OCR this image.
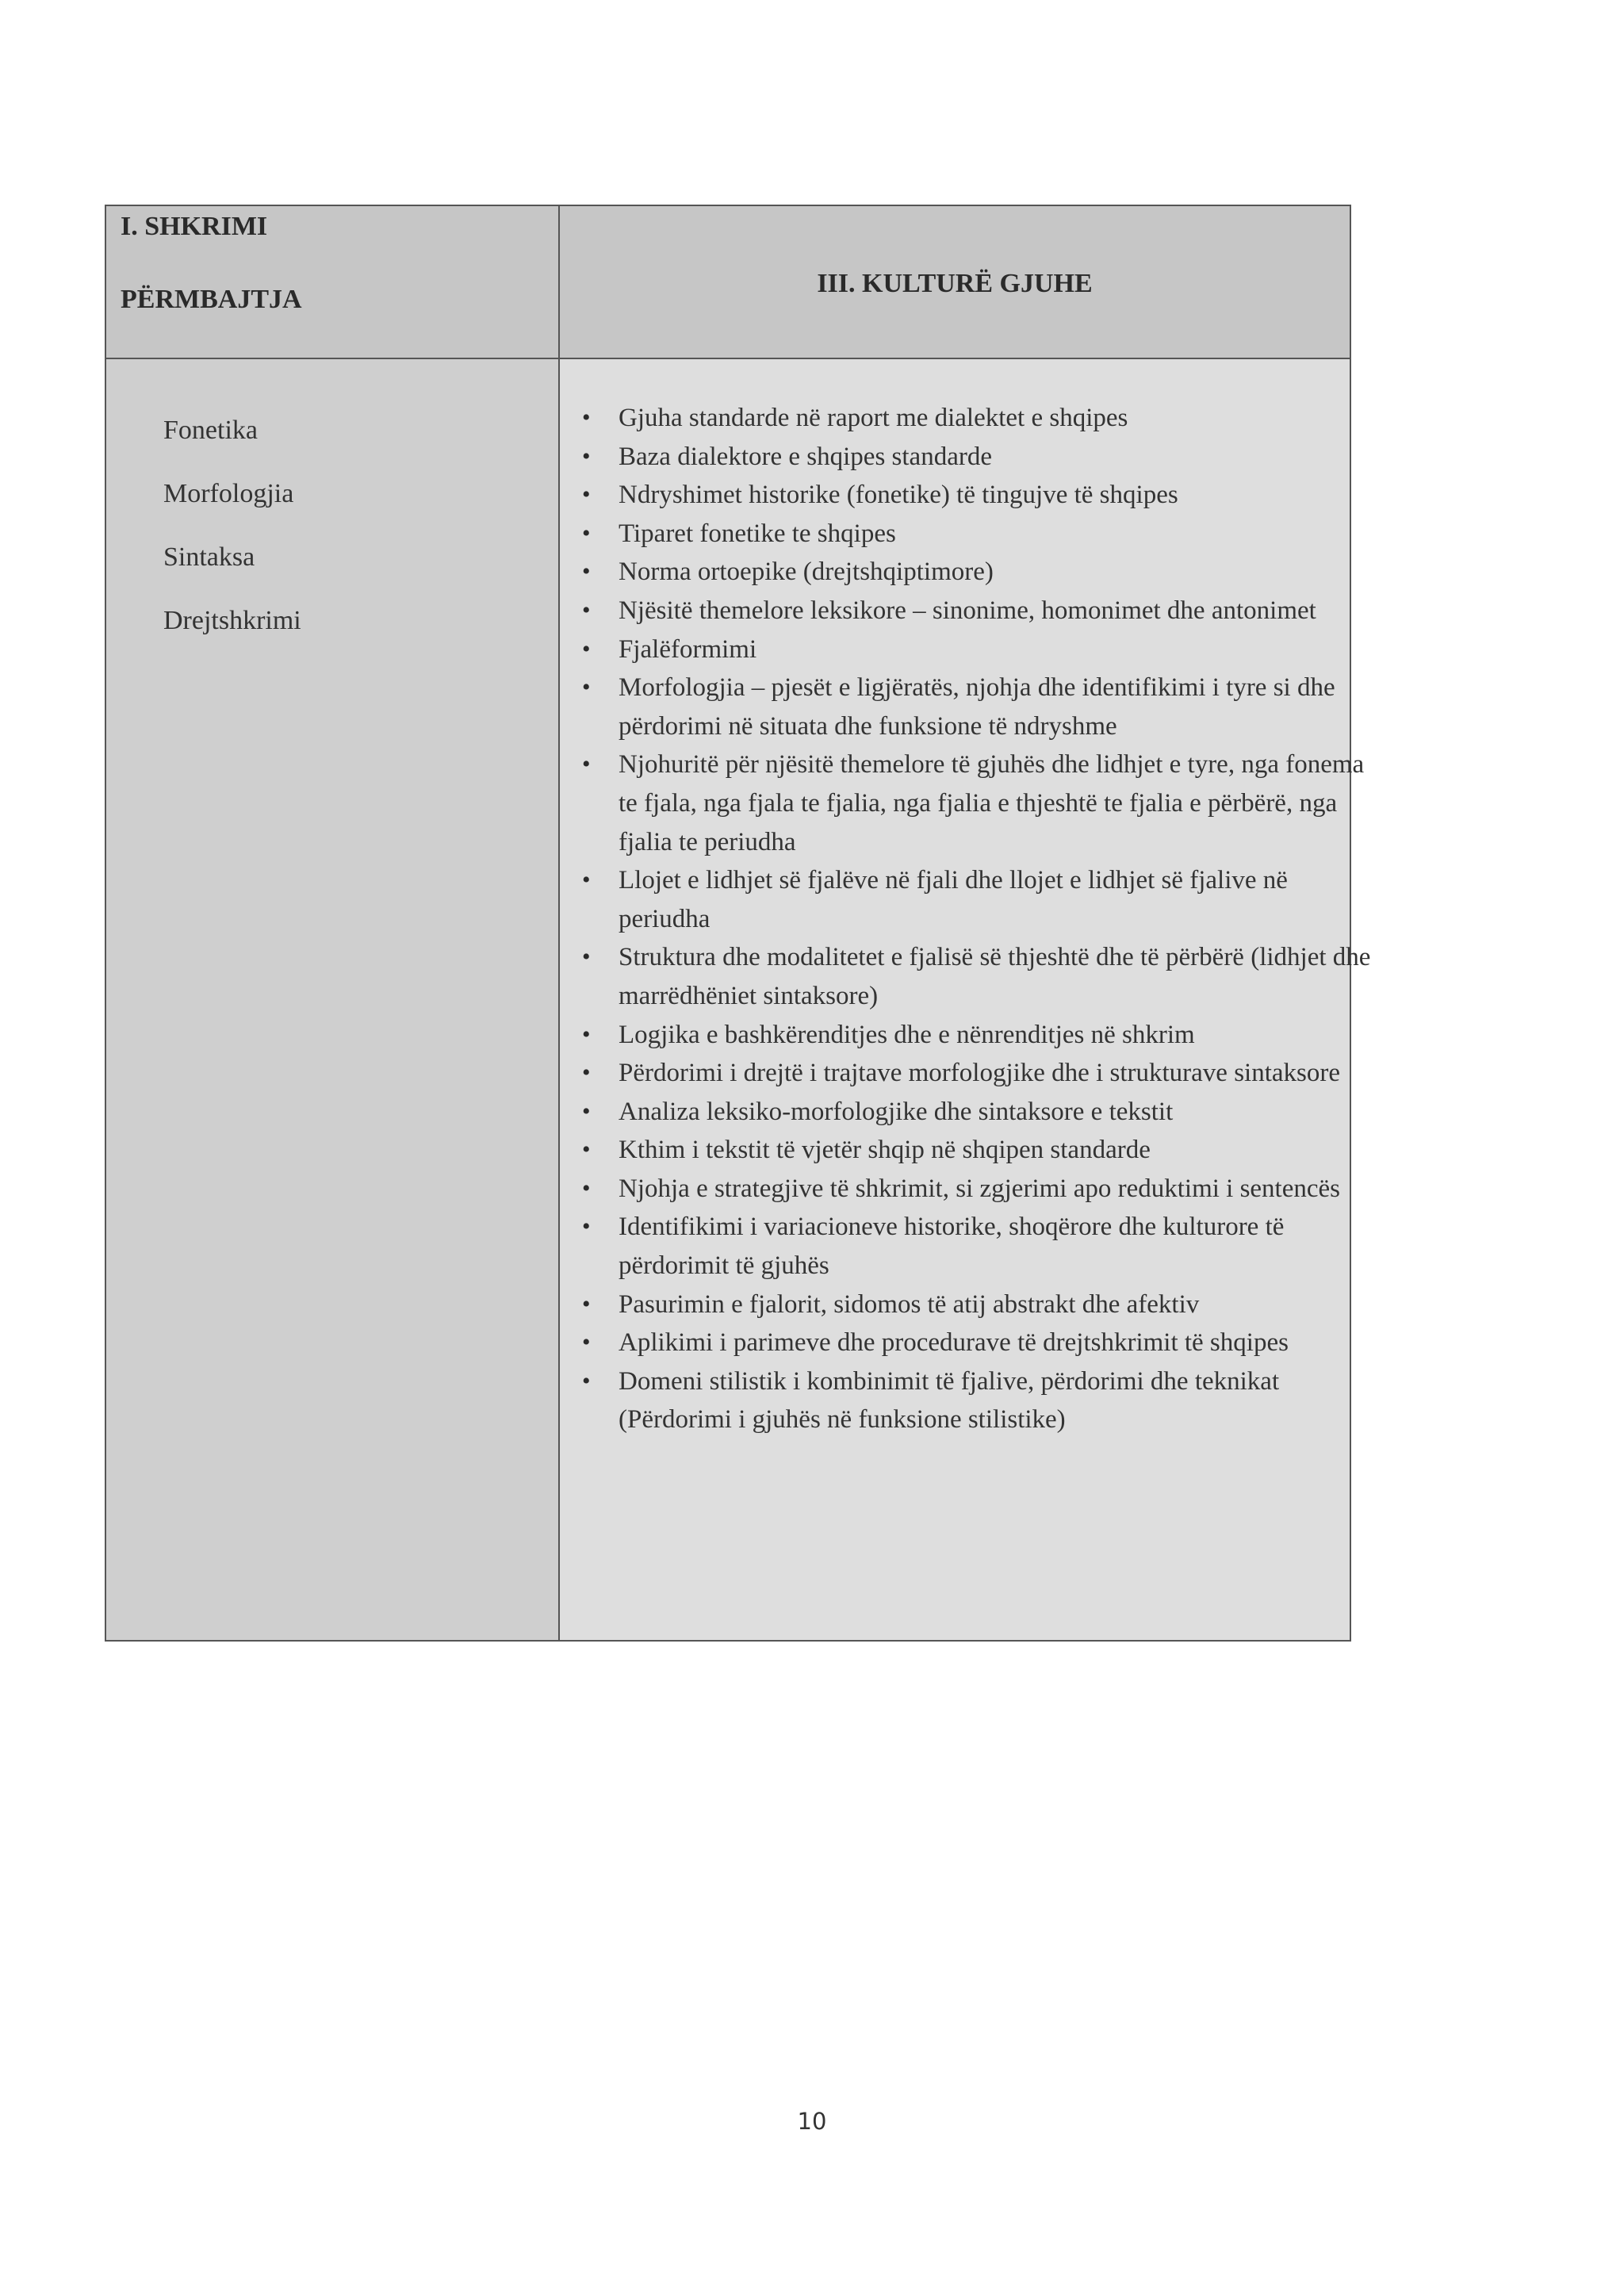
I. SHKRIMI
PËRMBAJTJA
III. KULTURË GJUHE
Fonetika
Morfologjia
Sintaksa
Drejtshkrimi
• Gjuha standarde në raport me dialektet e shqipes
• Baza dialektore e shqipes standarde
• Ndryshimet historike (fonetike) të tingujve të shqipes
• Tiparet fonetike te shqipes
• Norma ortoepike (drejtshqiptimore)
• Njësitë themelore leksikore – sinonime, homonimet dhe antonimet
• Fjalëformimi
• Morfologjia – pjesët e ligjëratës, njohja dhe identifikimi i tyre si dhe përdorimi në situata dhe funksione të ndryshme
• Njohuritë për njësitë themelore të gjuhës dhe lidhjet e tyre, nga fonema te fjala, nga fjala te fjalia, nga fjalia e thjeshtë te fjalia e përbërë, nga fjalia te periudha
• Llojet e lidhjet së fjalëve në fjali dhe llojet e lidhjet së fjalive në periudha
• Struktura dhe modalitetet e fjalisë së thjeshtë dhe të përbërë (lidhjet dhe marrëdhëniet sintaksore)
• Logjika e bashkërenditjes dhe e nënrenditjes në shkrim
• Përdorimi i drejtë i trajtave morfologjike dhe i strukturave sintaksore
• Analiza leksiko-morfologjike dhe sintaksore e tekstit
• Kthim i tekstit të vjetër shqip në shqipen standarde
• Njohja e strategjive të shkrimit, si zgjerimi apo reduktimi i sentencës
• Identifikimi i variacioneve historike, shoqërore dhe kulturore të përdorimit të gjuhës
• Pasurimin e fjalorit, sidomos të atij abstrakt dhe afektiv
• Aplikimi i parimeve dhe procedurave të drejtshkrimit të shqipes
• Domeni stilistik i kombinimit të fjalive, përdorimi dhe teknikat (Përdorimi i gjuhës në funksione stilistike)
10
